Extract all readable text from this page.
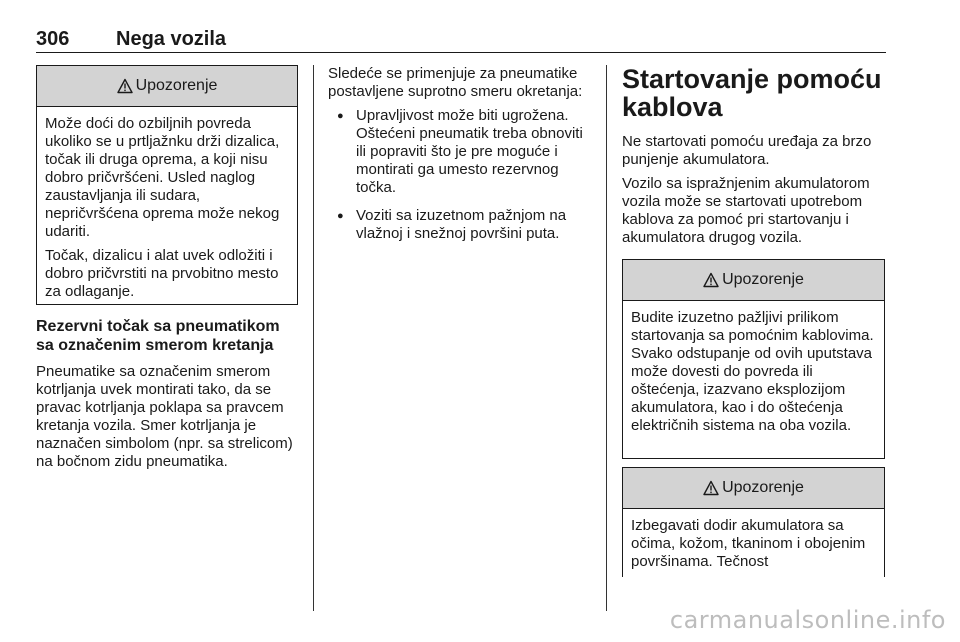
306 Nega vozila
Upozorenje

Može doći do ozbiljnih povreda ukoliko se u prtljažnku drži dizalica, točak ili druga oprema, a koji nisu dobro pričvršćeni. Usled naglog zaustavljanja ili sudara, nepričvršćena oprema može nekog udariti.

Točak, dizalicu i alat uvek odložiti i dobro pričvrstiti na prvobitno mesto za odlaganje.

Rezervni točak sa pneumatikom sa označenim smerom kretanja

Pneumatike sa označenim smerom kotrljanja uvek montirati tako, da se pravac kotrljanja poklapa sa pravcem kretanja vozila. Smer kotrljanja je naznačen simbolom (npr. sa strelicom) na bočnom zidu pneumatika.

Sledeće se primenjuje za pneumatike postavljene suprotno smeru okretanja:

● Upravljivost može biti ugrožena. Oštećeni pneumatik treba obnoviti ili popraviti što je pre moguće i montirati ga umesto rezervnog točka.
● Voziti sa izuzetnom pažnjom na vlažnoj i snežnoj površini puta.

Startovanje pomoću kablova

Ne startovati pomoću uređaja za brzo punjenje akumulatora.

Vozilo sa ispražnjenim akumulatorom vozila može se startovati upotrebom kablova za pomoć pri startovanju i akumulatora drugog vozila.

Upozorenje

Budite izuzetno pažljivi prilikom startovanja sa pomoćnim kablovima. Svako odstupanje od ovih uputstava može dovesti do povreda ili oštećenja, izazvano eksplozijom akumulatora, kao i do oštećenja električnih sistema na oba vozila.

Upozorenje

Izbegavati dodir akumulatora sa očima, kožom, tkaninom i obojenim površinama. Tečnost

carmanualsonline.info
